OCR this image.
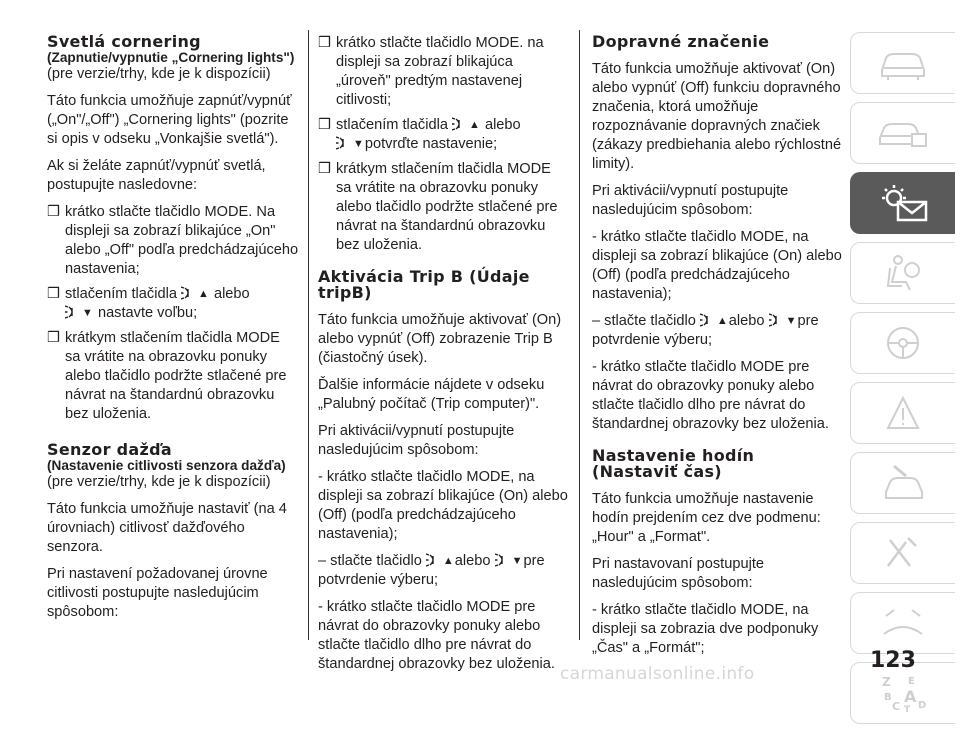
Svetlá cornering
(Zapnutie/vypnutie „Cornering lights")

(pre verzie/trhy, kde je k dispozícii)

Táto funkcia umožňuje zapnúť/vypnúť („On"/„Off") „Cornering lights" (pozrite si opis v odseku „Vonkajšie svetlá").

Ak si želáte zapnúť/vypnúť svetlá, postupujte nasledovne:

❒ krátko stlačte tlačidlo MODE. Na displeji sa zobrazí blikajúce „On" alebo „Off" podľa predchádzajúceho nastavenia;
❒ stlačením tlačidla ▲ alebo
▼ nastavte voľbu;
❒ krátkym stlačením tlačidla MODE sa vrátite na obrazovku ponuky alebo tlačidlo podržte stlačené pre návrat na štandardnú obrazovku bez uloženia.
Senzor dažďa
(Nastavenie citlivosti senzora dažďa)

(pre verzie/trhy, kde je k dispozícii)

Táto funkcia umožňuje nastaviť (na 4 úrovniach) citlivosť dažďového senzora.

Pri nastavení požadovanej úrovne citlivosti postupujte nasledujúcim spôsobom:

❒ krátko stlačte tlačidlo MODE. na displeji sa zobrazí blikajúca „úroveň" predtým nastavenej citlivosti;
❒ stlačením tlačidla ▲ alebo
▼potvrďte nastavenie;
❒ krátkym stlačením tlačidla MODE sa vrátite na obrazovku ponuky alebo tlačidlo podržte stlačené pre návrat na štandardnú obrazovku bez uloženia.
Aktivácia Trip B (Údaje tripB)

Táto funkcia umožňuje aktivovať (On) alebo vypnúť (Off) zobrazenie Trip B (čiastočný úsek).

Ďalšie informácie nájdete v odseku „Palubný počítač (Trip computer)".

Pri aktivácii/vypnutí postupujte nasledujúcim spôsobom:

- krátko stlačte tlačidlo MODE, na displeji sa zobrazí blikajúce (On) alebo (Off) (podľa predchádzajúceho nastavenia);

– stlačte tlačidlo ▲alebo ▼pre potvrdenie výberu;

- krátko stlačte tlačidlo MODE pre návrat do obrazovky ponuky alebo stlačte tlačidlo dlho pre návrat do štandardnej obrazovky bez uloženia.

Dopravné značenie

Táto funkcia umožňuje aktivovať (On) alebo vypnúť (Off) funkciu dopravného značenia, ktorá umožňuje rozpoznávanie dopravných značiek (zákazy predbiehania alebo rýchlostné limity).

Pri aktivácii/vypnutí postupujte nasledujúcim spôsobom:

- krátko stlačte tlačidlo MODE, na displeji sa zobrazí blikajúce (On) alebo (Off) (podľa predchádzajúceho nastavenia);

– stlačte tlačidlo ▲alebo ▼pre potvrdenie výberu;

- krátko stlačte tlačidlo MODE pre návrat do obrazovky ponuky alebo stlačte tlačidlo dlho pre návrat do štandardnej obrazovky bez uloženia.

Nastavenie hodín (Nastaviť čas)

Táto funkcia umožňuje nastavenie hodín prejdením cez dve podmenu: „Hour" a „Format".

Pri nastavovaní postupujte nasledujúcim spôsobom:

- krátko stlačte tlačidlo MODE, na displeji sa zobrazia dve podponuky „Čas" a „Formát";

Z E
B A
C T D
123
carmanualsonline.info
